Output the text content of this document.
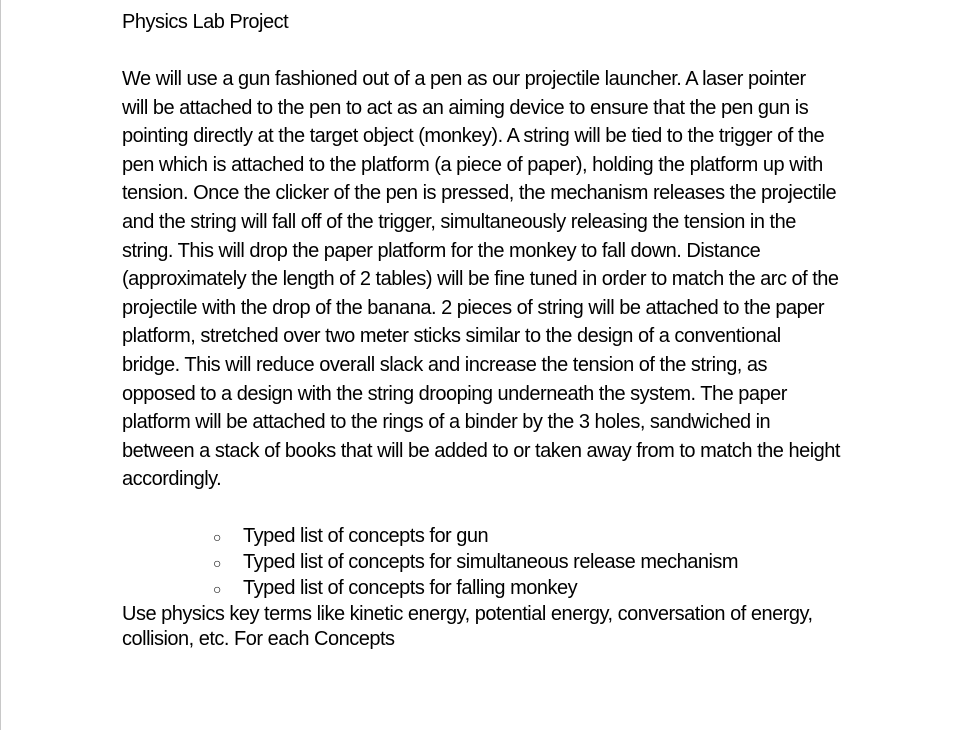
Physics Lab Project

We will use a gun fashioned out of a pen as our projectile launcher. A laser pointer
will be attached to the pen to act as an aiming device to ensure that the pen gun is
pointing directly at the target object (monkey). A string will be tied to the trigger of the
pen which is attached to the platform (a piece of paper), holding the platform up with
tension. Once the clicker of the pen is pressed, the mechanism releases the projectile
and the string will fall off of the trigger, simultaneously releasing the tension in the
string. This will drop the paper platform for the monkey to fall down. Distance
(approximately the length of 2 tables) will be fine tuned in order to match the arc of the
projectile with the drop of the banana. 2 pieces of string will be attached to the paper
platform, stretched over two meter sticks similar to the design of a conventional
bridge. This will reduce overall slack and increase the tension of the string, as
opposed to a design with the string drooping underneath the system. The paper
platform will be attached to the rings of a binder by the 3 holes, sandwiched in
between a stack of books that will be added to or taken away from to match the height
accordingly.

○	Typed list of concepts for gun
○	Typed list of concepts for simultaneous release mechanism
○	Typed list of concepts for falling monkey

Use physics key terms like kinetic energy, potential energy, conversation of energy,
collision, etc. For each Concepts
